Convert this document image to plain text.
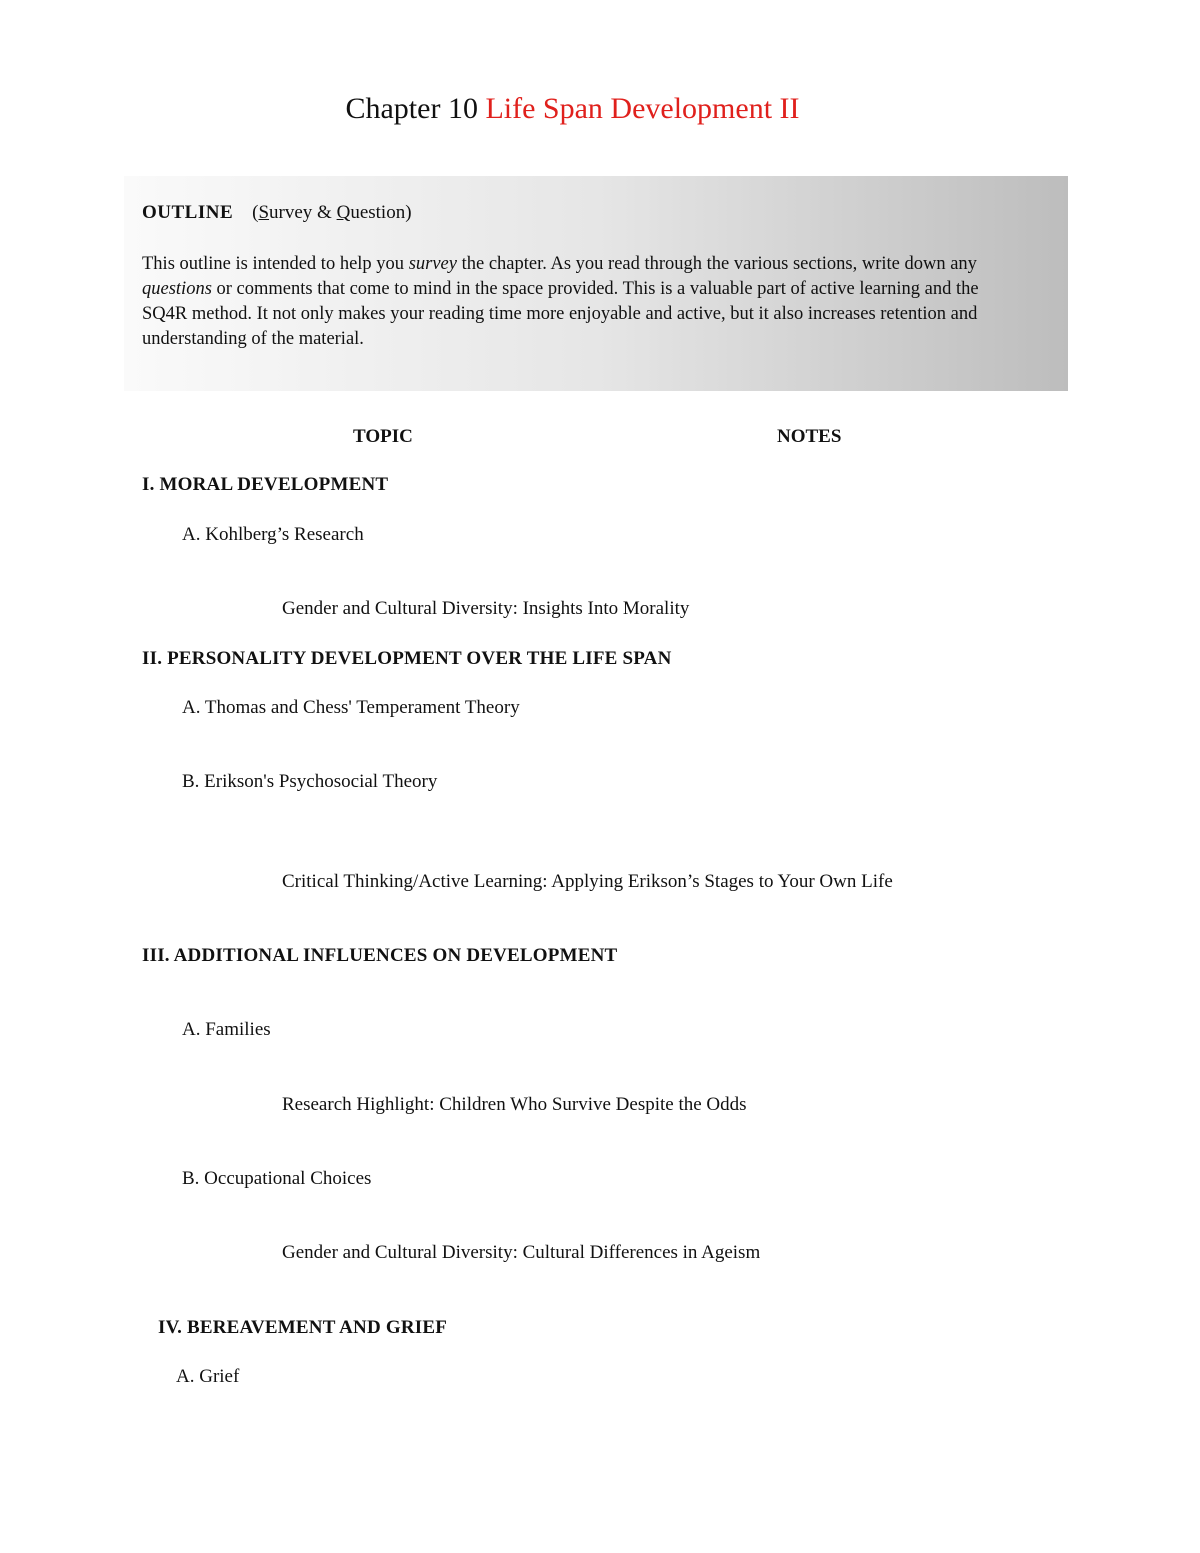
Chapter 10 Life Span Development II
OUTLINE (Survey & Question)
This outline is intended to help you survey the chapter. As you read through the various sections, write down any questions or comments that come to mind in the space provided. This is a valuable part of active learning and the SQ4R method. It not only makes your reading time more enjoyable and active, but it also increases retention and understanding of the material.
TOPIC	NOTES
I. MORAL DEVELOPMENT
A. Kohlberg’s Research
Gender and Cultural Diversity: Insights Into Morality
II. PERSONALITY DEVELOPMENT OVER THE LIFE SPAN
A. Thomas and Chess' Temperament Theory
B. Erikson's Psychosocial Theory
Critical Thinking/Active Learning: Applying Erikson’s Stages to Your Own Life
III. ADDITIONAL INFLUENCES ON DEVELOPMENT
A. Families
Research Highlight: Children Who Survive Despite the Odds
B. Occupational Choices
Gender and Cultural Diversity: Cultural Differences in Ageism
IV. BEREAVEMENT AND GRIEF
A. Grief
